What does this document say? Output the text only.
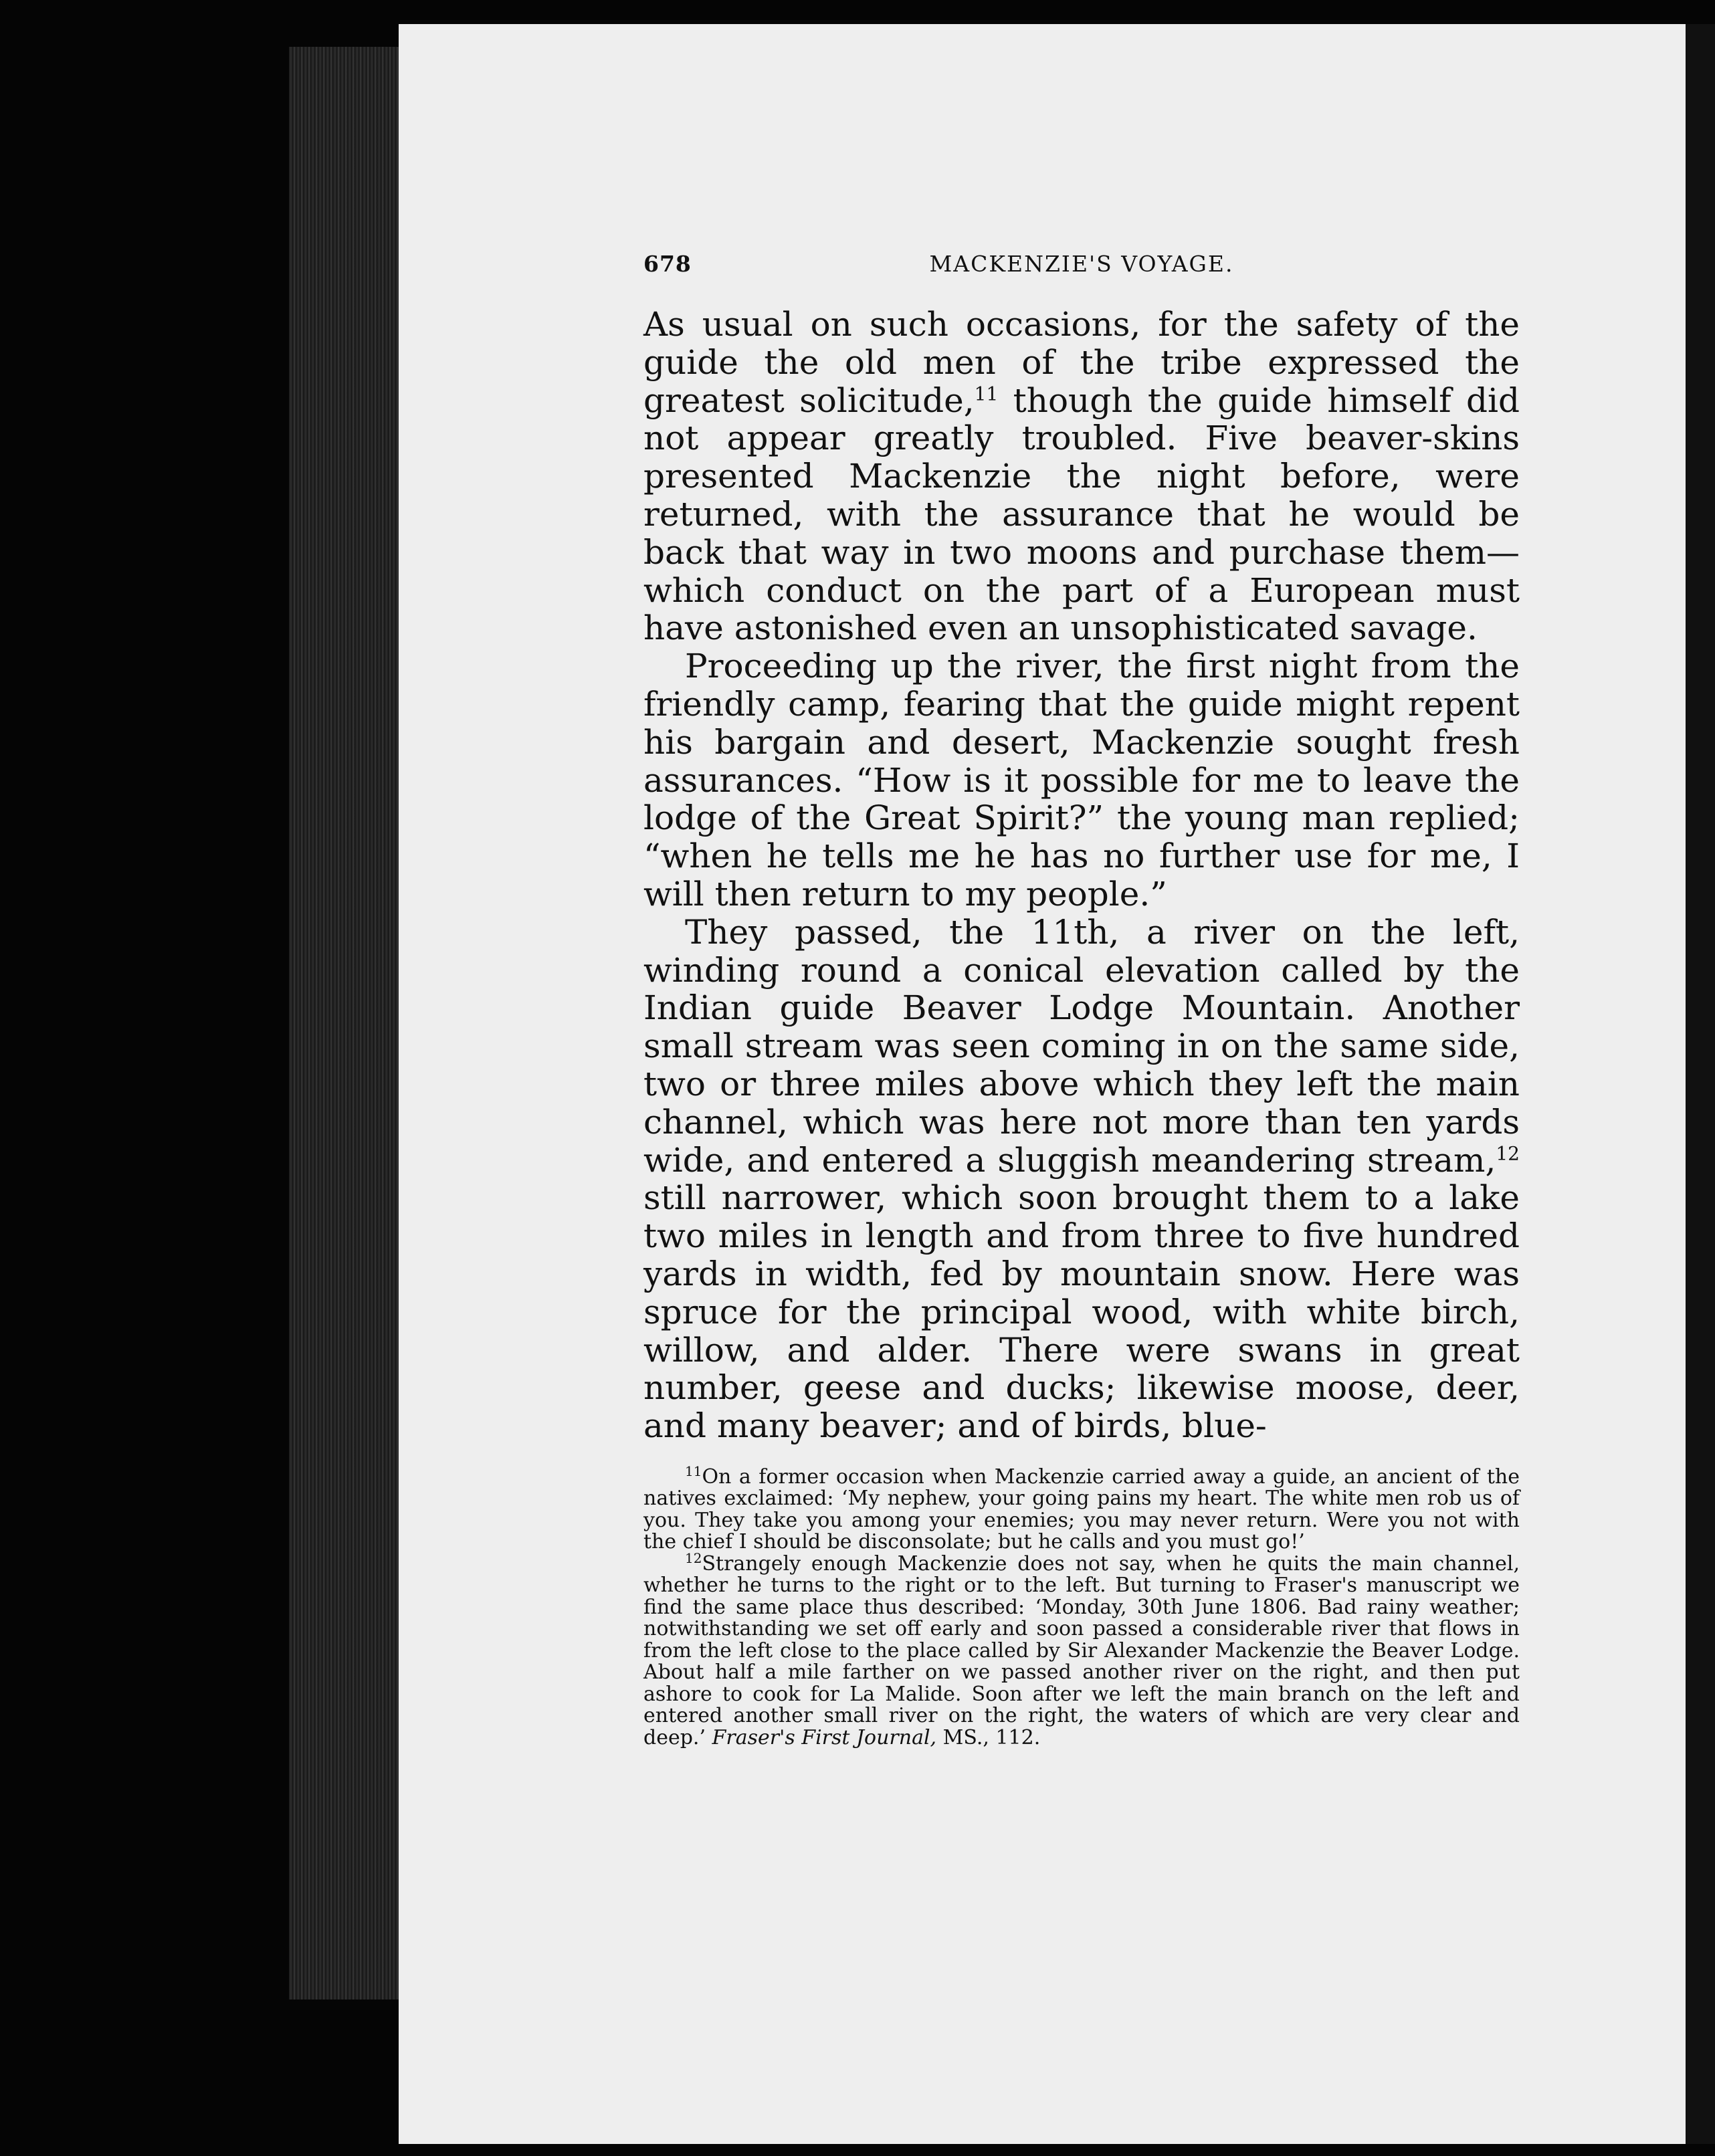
678	MACKENZIE'S VOYAGE.

As usual on such occasions, for the safety of the guide the old men of the tribe expressed the greatest solicitude,$^{11}$ though the guide himself did not appear greatly troubled. Five beaver-skins presented Mackenzie the night before, were returned, with the assurance that he would be back that way in two moons and purchase them—which conduct on the part of a European must have astonished even an unsophisticated savage.

Proceeding up the river, the first night from the friendly camp, fearing that the guide might repent his bargain and desert, Mackenzie sought fresh assurances. “How is it possible for me to leave the lodge of the Great Spirit?” the young man replied; “when he tells me he has no further use for me, I will then return to my people.”

They passed, the 11th, a river on the left, winding round a conical elevation called by the Indian guide Beaver Lodge Mountain. Another small stream was seen coming in on the same side, two or three miles above which they left the main channel, which was here not more than ten yards wide, and entered a sluggish meandering stream,$^{12}$ still narrower, which soon brought them to a lake two miles in length and from three to five hundred yards in width, fed by mountain snow. Here was spruce for the principal wood, with white birch, willow, and alder. There were swans in great number, geese and ducks; likewise moose, deer, and many beaver; and of birds, blue-

$^{11}$On a former occasion when Mackenzie carried away a guide, an ancient of the natives exclaimed: ‘My nephew, your going pains my heart. The white men rob us of you. They take you among your enemies; you may never return. Were you not with the chief I should be disconsolate; but he calls and you must go!’

$^{12}$Strangely enough Mackenzie does not say, when he quits the main channel, whether he turns to the right or to the left. But turning to Fraser's manuscript we find the same place thus described: ‘Monday, 30th June 1806. Bad rainy weather; notwithstanding we set off early and soon passed a considerable river that flows in from the left close to the place called by Sir Alexander Mackenzie the Beaver Lodge. About half a mile farther on we passed another river on the right, and then put ashore to cook for La Malide. Soon after we left the main branch on the left and entered another small river on the right, the waters of which are very clear and deep.’ Fraser's First Journal, MS., 112.
